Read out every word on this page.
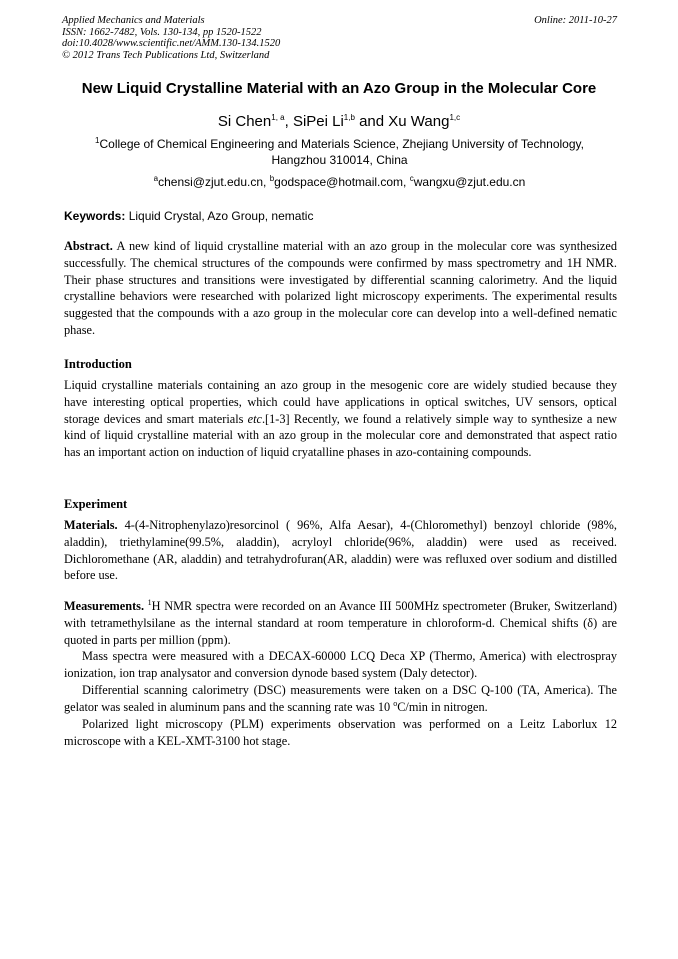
Applied Mechanics and Materials
ISSN: 1662-7482, Vols. 130-134, pp 1520-1522
doi:10.4028/www.scientific.net/AMM.130-134.1520
© 2012 Trans Tech Publications Ltd, Switzerland
Online: 2011-10-27
New Liquid Crystalline Material with an Azo Group in the Molecular Core
Si Chen$^{1, a}$, SiPei Li$^{1,b}$ and Xu Wang$^{1,c}$
$^1$College of Chemical Engineering and Materials Science, Zhejiang University of Technology,
Hangzhou 310014, China
$^a$chensi@zjut.edu.cn, $^b$godspace@hotmail.com, $^c$wangxu@zjut.edu.cn
Keywords: Liquid Crystal, Azo Group, nematic
Abstract. A new kind of liquid crystalline material with an azo group in the molecular core was synthesized successfully. The chemical structures of the compounds were confirmed by mass spectrometry and 1H NMR. Their phase structures and transitions were investigated by differential scanning calorimetry. And the liquid crystalline behaviors were researched with polarized light microscopy experiments. The experimental results suggested that the compounds with a azo group in the molecular core can develop into a well-defined nematic phase.
Introduction
Liquid crystalline materials containing an azo group in the mesogenic core are widely studied because they have interesting optical properties, which could have applications in optical switches, UV sensors, optical storage devices and smart materials etc.[1-3] Recently, we found a relatively simple way to synthesize a new kind of liquid crystalline material with an azo group in the molecular core and demonstrated that aspect ratio has an important action on induction of liquid cryatalline phases in azo-containing compounds.
Experiment
Materials. 4-(4-Nitrophenylazo)resorcinol ( 96%, Alfa Aesar), 4-(Chloromethyl) benzoyl chloride (98%, aladdin), triethylamine(99.5%, aladdin), acryloyl chloride(96%, aladdin) were used as received. Dichloromethane (AR, aladdin) and tetrahydrofuran(AR, aladdin) were was refluxed over sodium and distilled before use.
Measurements. $^1$H NMR spectra were recorded on an Avance III 500MHz spectrometer (Bruker, Switzerland) with tetramethylsilane as the internal standard at room temperature in chloroform-d. Chemical shifts (δ) are quoted in parts per million (ppm).
Mass spectra were measured with a DECAX-60000 LCQ Deca XP (Thermo, America) with electrospray ionization, ion trap analysator and conversion dynode based system (Daly detector).
Differential scanning calorimetry (DSC) measurements were taken on a DSC Q-100 (TA, America). The gelator was sealed in aluminum pans and the scanning rate was 10 $^o$C/min in nitrogen.
Polarized light microscopy (PLM) experiments observation was performed on a Leitz Laborlux 12 microscope with a KEL-XMT-3100 hot stage.
